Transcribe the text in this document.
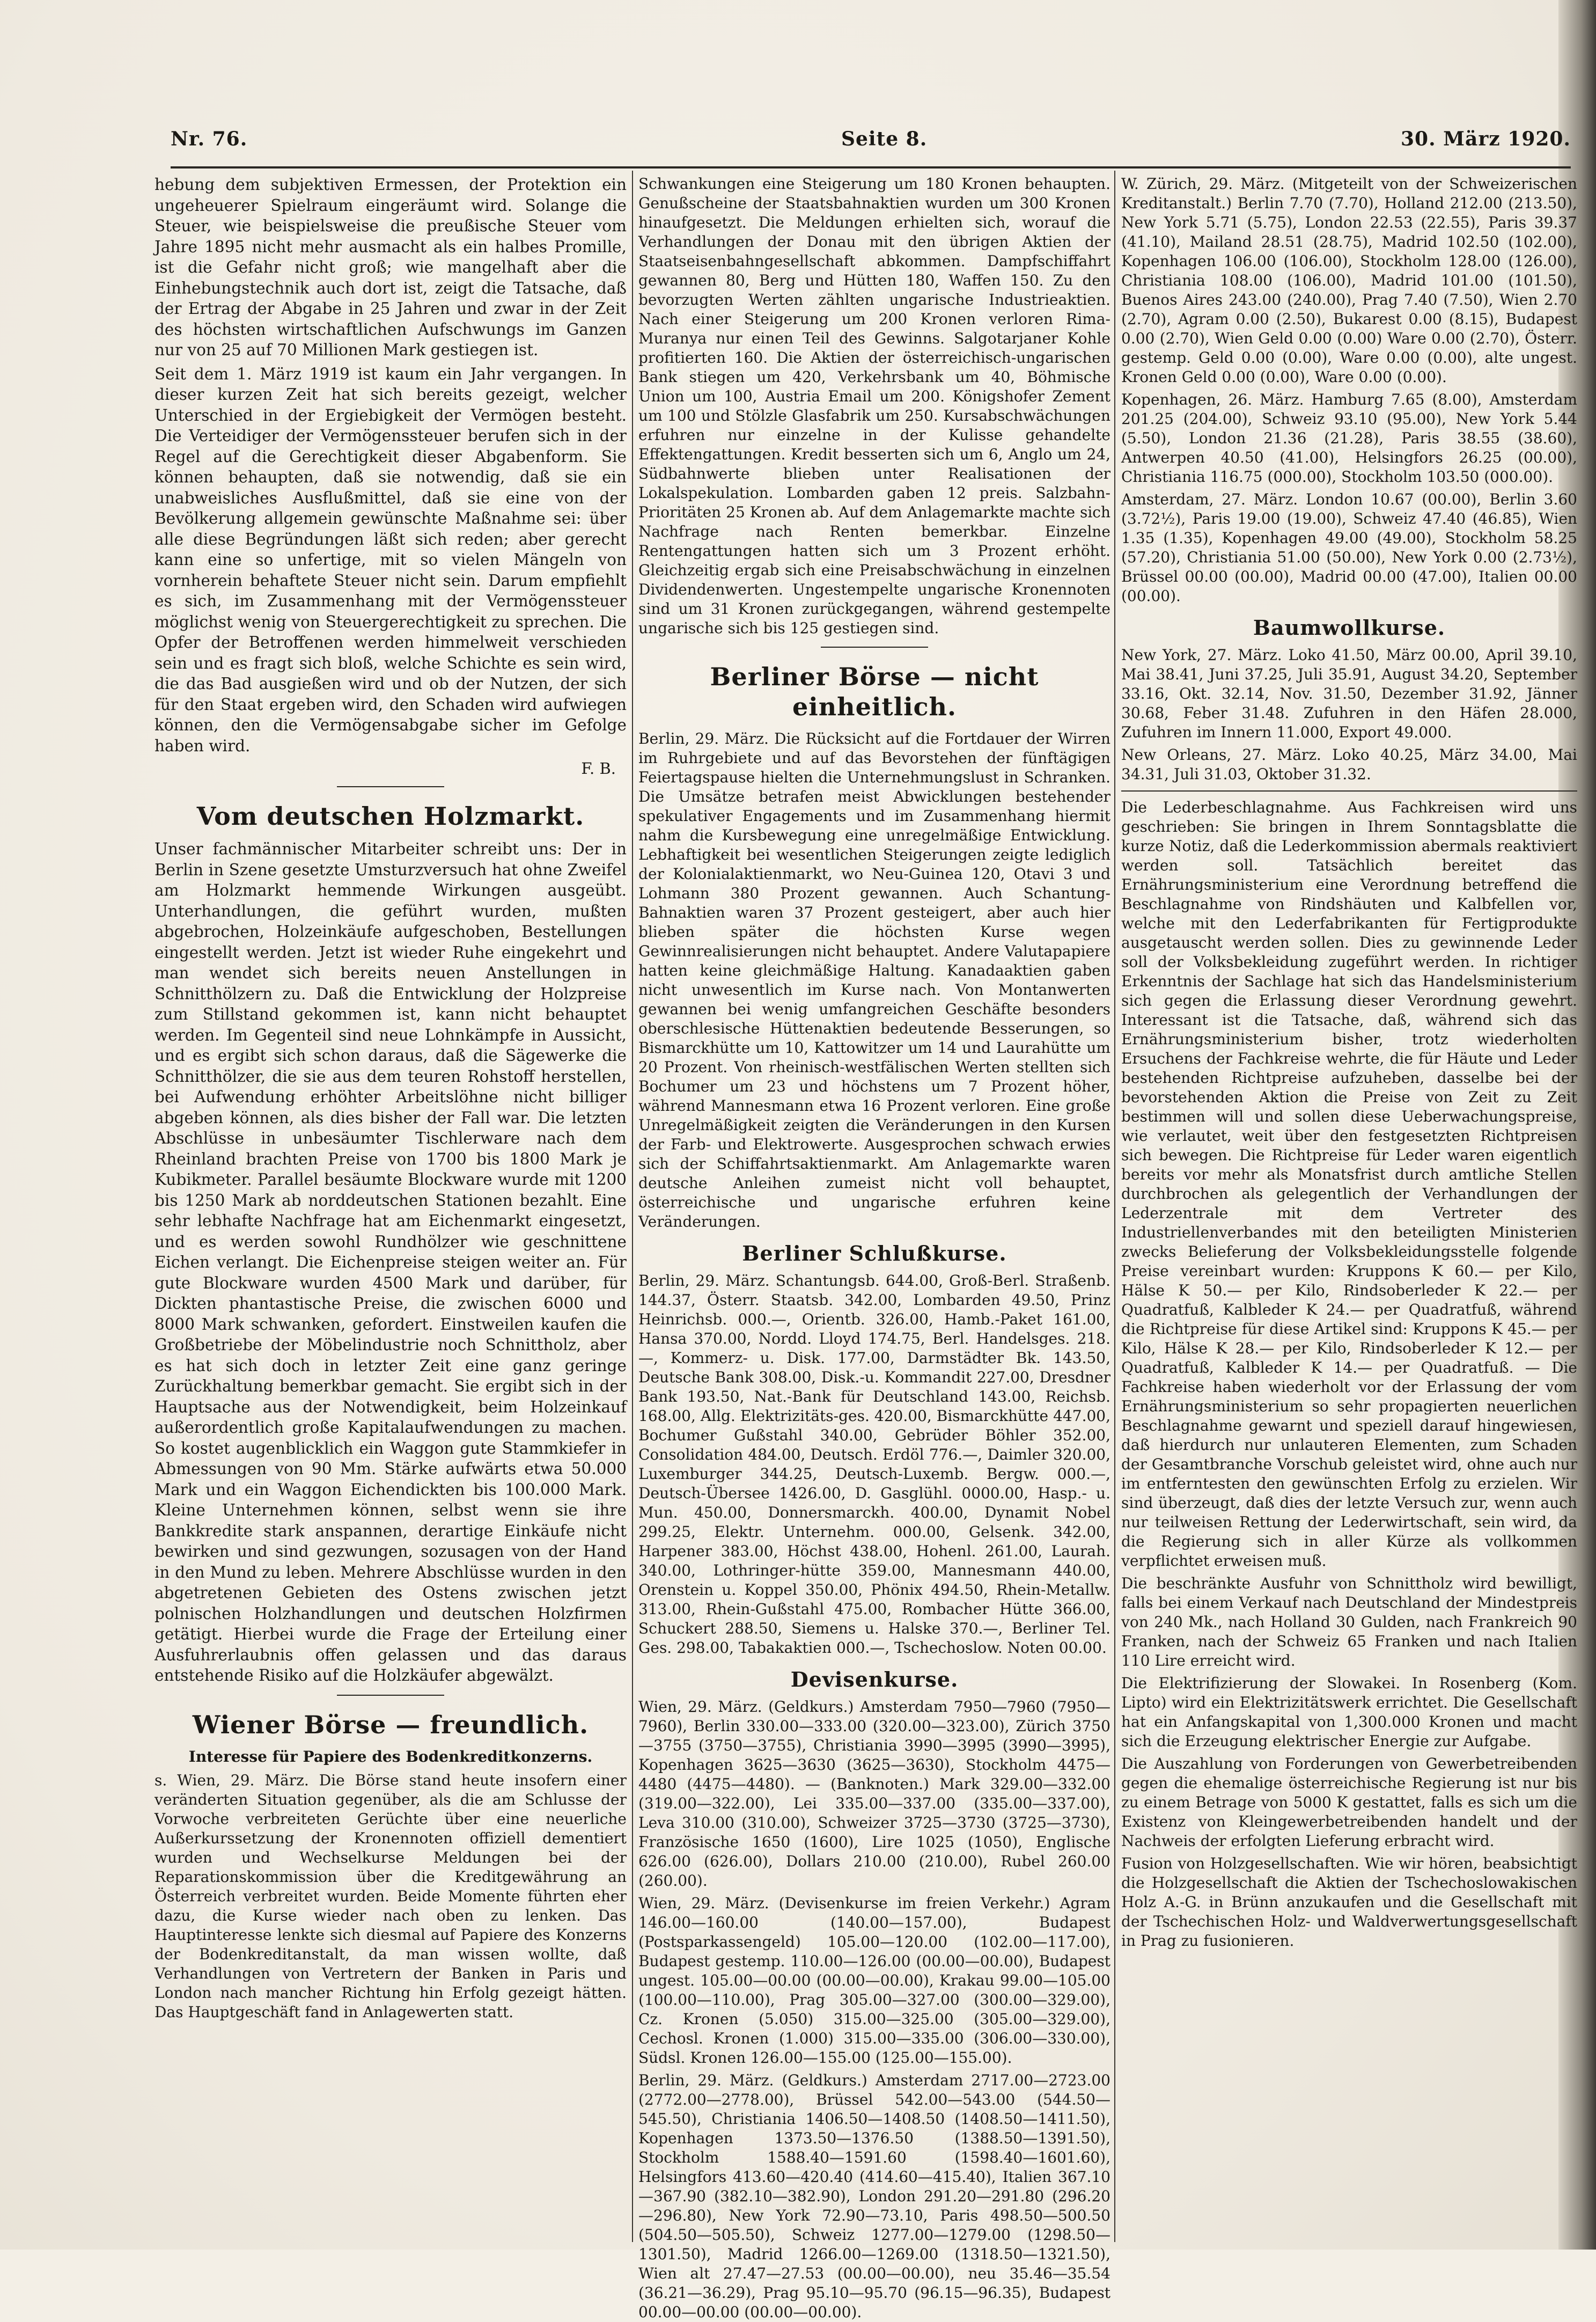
Nr. 76.	Seite 8.	30. März 1920.

hebung dem subjektiven Ermessen, der Protektion ein ungeheuerer Spielraum eingeräumt wird. Solange die Steuer, wie beispielsweise die preußische Steuer vom Jahre 1895 nicht mehr ausmacht als ein halbes Promille, ist die Gefahr nicht groß; wie mangelhaft aber die Einhebungstechnik auch dort ist, zeigt die Tatsache, daß der Ertrag der Abgabe in 25 Jahren und zwar in der Zeit des höchsten wirtschaftlichen Aufschwungs im Ganzen nur von 25 auf 70 Millionen Mark gestiegen ist.

Seit dem 1. März 1919 ist kaum ein Jahr vergangen. In dieser kurzen Zeit hat sich bereits gezeigt, welcher Unterschied in der Ergiebigkeit der Vermögen besteht. Die Verteidiger der Vermögenssteuer berufen sich in der Regel auf die Gerechtigkeit dieser Abgabenform. Sie können behaupten, daß sie notwendig, daß sie ein unabweisliches Ausflußmittel, daß sie eine von der Bevölkerung allgemein gewünschte Maßnahme sei: über alle diese Begründungen läßt sich reden; aber gerecht kann eine so unfertige, mit so vielen Mängeln von vornherein behaftete Steuer nicht sein. Darum empfiehlt es sich, im Zusammenhang mit der Vermögenssteuer möglichst wenig von Steuergerechtigkeit zu sprechen. Die Opfer der Betroffenen werden himmelweit verschieden sein und es fragt sich bloß, welche Schichte es sein wird, die das Bad ausgießen wird und ob der Nutzen, der sich für den Staat ergeben wird, den Schaden wird aufwiegen können, den die Vermögensabgabe sicher im Gefolge haben wird.

F. B.
Vom deutschen Holzmarkt.

Unser fachmännischer Mitarbeiter schreibt uns: Der in Berlin in Szene gesetzte Umsturzversuch hat ohne Zweifel am Holzmarkt hemmende Wirkungen ausgeübt. Unterhandlungen, die geführt wurden, mußten abgebrochen, Holzeinkäufe aufgeschoben, Bestellungen eingestellt werden. Jetzt ist wieder Ruhe eingekehrt und man wendet sich bereits neuen Anstellungen in Schnitthölzern zu. Daß die Entwicklung der Holzpreise zum Stillstand gekommen ist, kann nicht behauptet werden. Im Gegenteil sind neue Lohnkämpfe in Aussicht, und es ergibt sich schon daraus, daß die Sägewerke die Schnitthölzer, die sie aus dem teuren Rohstoff herstellen, bei Aufwendung erhöhter Arbeitslöhne nicht billiger abgeben können, als dies bisher der Fall war. Die letzten Abschlüsse in unbesäumter Tischlerware nach dem Rheinland brachten Preise von 1700 bis 1800 Mark je Kubikmeter. Parallel besäumte Blockware wurde mit 1200 bis 1250 Mark ab norddeutschen Stationen bezahlt. Eine sehr lebhafte Nachfrage hat am Eichenmarkt eingesetzt, und es werden sowohl Rundhölzer wie geschnittene Eichen verlangt. Die Eichenpreise steigen weiter an. Für gute Blockware wurden 4500 Mark und darüber, für Dickten phantastische Preise, die zwischen 6000 und 8000 Mark schwanken, gefordert. Einstweilen kaufen die Großbetriebe der Möbelindustrie noch Schnittholz, aber es hat sich doch in letzter Zeit eine ganz geringe Zurückhaltung bemerkbar gemacht. Sie ergibt sich in der Hauptsache aus der Notwendigkeit, beim Holzeinkauf außerordentlich große Kapitalaufwendungen zu machen. So kostet augenblicklich ein Waggon gute Stammkiefer in Abmessungen von 90 Mm. Stärke aufwärts etwa 50.000 Mark und ein Waggon Eichendickten bis 100.000 Mark. Kleine Unternehmen können, selbst wenn sie ihre Bankkredite stark anspannen, derartige Einkäufe nicht bewirken und sind gezwungen, sozusagen von der Hand in den Mund zu leben. Mehrere Abschlüsse wurden in den abgetretenen Gebieten des Ostens zwischen jetzt polnischen Holzhandlungen und deutschen Holzfirmen getätigt. Hierbei wurde die Frage der Erteilung einer Ausfuhrerlaubnis offen gelassen und das daraus entstehende Risiko auf die Holzkäufer abgewälzt.

Wiener Börse — freundlich.
Interesse für Papiere des Bodenkreditkonzerns.

s. Wien, 29. März. Die Börse stand heute insofern einer veränderten Situation gegenüber, als die am Schlusse der Vorwoche verbreiteten Gerüchte über eine neuerliche Außerkurssetzung der Kronennoten offiziell dementiert wurden und Wechselkurse Meldungen bei der Reparationskommission über die Kreditgewährung an Österreich verbreitet wurden. Beide Momente führten eher dazu, die Kurse wieder nach oben zu lenken. Das Hauptinteresse lenkte sich diesmal auf Papiere des Konzerns der Bodenkreditanstalt, da man wissen wollte, daß Verhandlungen von Vertretern der Banken in Paris und London nach mancher Richtung hin Erfolg gezeigt hätten. Das Hauptgeschäft fand in Anlagewerten statt.

Schwankungen eine Steigerung um 180 Kronen behaupten. Genußscheine der Staatsbahnaktien wurden um 300 Kronen hinaufgesetzt. Die Meldungen erhielten sich, worauf die Verhandlungen der Donau mit den übrigen Aktien der Staatseisenbahngesellschaft abkommen. Dampfschiffahrt gewannen 80, Berg und Hütten 180, Waffen 150. Zu den bevorzugten Werten zählten ungarische Industrieaktien. Nach einer Steigerung um 200 Kronen verloren Rima-Muranya nur einen Teil des Gewinns. Salgotarjaner Kohle profitierten 160. Die Aktien der österreichisch-ungarischen Bank stiegen um 420, Verkehrsbank um 40, Böhmische Union um 100, Austria Email um 200. Königshofer Zement um 100 und Stölzle Glasfabrik um 250. Kursabschwächungen erfuhren nur einzelne in der Kulisse gehandelte Effektengattungen. Kredit besserten sich um 6, Anglo um 24, Südbahnwerte blieben unter Realisationen der Lokalspekulation. Lombarden gaben 12 preis. Salzbahn-Prioritäten 25 Kronen ab. Auf dem Anlagemarkte machte sich Nachfrage nach Renten bemerkbar. Einzelne Rentengattungen hatten sich um 3 Prozent erhöht. Gleichzeitig ergab sich eine Preisabschwächung in einzelnen Dividendenwerten. Ungestempelte ungarische Kronennoten sind um 31 Kronen zurückgegangen, während gestempelte ungarische sich bis 125 gestiegen sind.

Berliner Börse — nicht einheitlich.

Berlin, 29. März. Die Rücksicht auf die Fortdauer der Wirren im Ruhrgebiete und auf das Bevorstehen der fünftägigen Feiertagspause hielten die Unternehmungslust in Schranken. Die Umsätze betrafen meist Abwicklungen bestehender spekulativer Engagements und im Zusammenhang hiermit nahm die Kursbewegung eine unregelmäßige Entwicklung. Lebhaftigkeit bei wesentlichen Steigerungen zeigte lediglich der Kolonialaktienmarkt, wo Neu-Guinea 120, Otavi 3 und Lohmann 380 Prozent gewannen. Auch Schantung-Bahnaktien waren 37 Prozent gesteigert, aber auch hier blieben später die höchsten Kurse wegen Gewinnrealisierungen nicht behauptet. Andere Valutapapiere hatten keine gleichmäßige Haltung. Kanadaaktien gaben nicht unwesentlich im Kurse nach. Von Montanwerten gewannen bei wenig umfangreichen Geschäfte besonders oberschlesische Hüttenaktien bedeutende Besserungen, so Bismarckhütte um 10, Kattowitzer um 14 und Laurahütte um 20 Prozent. Von rheinisch-westfälischen Werten stellten sich Bochumer um 23 und höchstens um 7 Prozent höher, während Mannesmann etwa 16 Prozent verloren. Eine große Unregelmäßigkeit zeigten die Veränderungen in den Kursen der Farb- und Elektrowerte. Ausgesprochen schwach erwies sich der Schiffahrtsaktienmarkt. Am Anlagemarkte waren deutsche Anleihen zumeist nicht voll behauptet, österreichische und ungarische erfuhren keine Veränderungen.

Berliner Schlußkurse.

Berlin, 29. März. Schantungsb. 644.00, Groß-Berl. Straßenb. 144.37, Österr. Staatsb. 342.00, Lombarden 49.50, Prinz Heinrichsb. 000.—, Orientb. 326.00, Hamb.-Paket 161.00, Hansa 370.00, Nordd. Lloyd 174.75, Berl. Handelsges. 218.—, Kommerz- u. Disk. 177.00, Darmstädter Bk. 143.50, Deutsche Bank 308.00, Disk.-u. Kommandit 227.00, Dresdner Bank 193.50, Nat.-Bank für Deutschland 143.00, Reichsb. 168.00, Allg. Elektrizitäts-ges. 420.00, Bismarckhütte 447.00, Bochumer Gußstahl 340.00, Gebrüder Böhler 352.00, Consolidation 484.00, Deutsch. Erdöl 776.—, Daimler 320.00, Luxemburger 344.25, Deutsch-Luxemb. Bergw. 000.—, Deutsch-Übersee 1426.00, D. Gasglühl. 0000.00, Hasp.- u. Mun. 450.00, Donnersmarckh. 400.00, Dynamit Nobel 299.25, Elektr. Unternehm. 000.00, Gelsenk. 342.00, Harpener 383.00, Höchst 438.00, Hohenl. 261.00, Laurah. 340.00, Lothringer-hütte 359.00, Mannesmann 440.00, Orenstein u. Koppel 350.00, Phönix 494.50, Rhein-Metallw. 313.00, Rhein-Gußstahl 475.00, Rombacher Hütte 366.00, Schuckert 288.50, Siemens u. Halske 370.—, Berliner Tel. Ges. 298.00, Tabakaktien 000.—, Tschechoslow. Noten 00.00.

Devisenkurse.

Wien, 29. März. (Geldkurs.) Amsterdam 7950—7960 (7950—7960), Berlin 330.00—333.00 (320.00—323.00), Zürich 3750—3755 (3750—3755), Christiania 3990—3995 (3990—3995), Kopenhagen 3625—3630 (3625—3630), Stockholm 4475—4480 (4475—4480). — (Banknoten.) Mark 329.00—332.00 (319.00—322.00), Lei 335.00—337.00 (335.00—337.00), Leva 310.00 (310.00), Schweizer 3725—3730 (3725—3730), Französische 1650 (1600), Lire 1025 (1050), Englische 626.00 (626.00), Dollars 210.00 (210.00), Rubel 260.00 (260.00).

Wien, 29. März. (Devisenkurse im freien Verkehr.) Agram 146.00—160.00 (140.00—157.00), Budapest (Postsparkassengeld) 105.00—120.00 (102.00—117.00), Budapest gestemp. 110.00—126.00 (00.00—00.00), Budapest ungest. 105.00—00.00 (00.00—00.00), Krakau 99.00—105.00 (100.00—110.00), Prag 305.00—327.00 (300.00—329.00), Cz. Kronen (5.050) 315.00—325.00 (305.00—329.00), Cechosl. Kronen (1.000) 315.00—335.00 (306.00—330.00), Südsl. Kronen 126.00—155.00 (125.00—155.00).

Berlin, 29. März. (Geldkurs.) Amsterdam 2717.00—2723.00 (2772.00—2778.00), Brüssel 542.00—543.00 (544.50—545.50), Christiania 1406.50—1408.50 (1408.50—1411.50), Kopenhagen 1373.50—1376.50 (1388.50—1391.50), Stockholm 1588.40—1591.60 (1598.40—1601.60), Helsingfors 413.60—420.40 (414.60—415.40), Italien 367.10—367.90 (382.10—382.90), London 291.20—291.80 (296.20—296.80), New York 72.90—73.10, Paris 498.50—500.50 (504.50—505.50), Schweiz 1277.00—1279.00 (1298.50—1301.50), Madrid 1266.00—1269.00 (1318.50—1321.50), Wien alt 27.47—27.53 (00.00—00.00), neu 35.46—35.54 (36.21—36.29), Prag 95.10—95.70 (96.15—96.35), Budapest 00.00—00.00 (00.00—00.00).

W. Zürich, 29. März. (Mitgeteilt von der Schweizerischen Kreditanstalt.) Berlin 7.70 (7.70), Holland 212.00 (213.50), New York 5.71 (5.75), London 22.53 (22.55), Paris 39.37 (41.10), Mailand 28.51 (28.75), Madrid 102.50 (102.00), Kopenhagen 106.00 (106.00), Stockholm 128.00 (126.00), Christiania 108.00 (106.00), Madrid 101.00 (101.50), Buenos Aires 243.00 (240.00), Prag 7.40 (7.50), Wien 2.70 (2.70), Agram 0.00 (2.50), Bukarest 0.00 (8.15), Budapest 0.00 (2.70), Wien Geld 0.00 (0.00) Ware 0.00 (2.70), Österr. gestemp. Geld 0.00 (0.00), Ware 0.00 (0.00), alte ungest. Kronen Geld 0.00 (0.00), Ware 0.00 (0.00).

Kopenhagen, 26. März. Hamburg 7.65 (8.00), Amsterdam 201.25 (204.00), Schweiz 93.10 (95.00), New York 5.44 (5.50), London 21.36 (21.28), Paris 38.55 (38.60), Antwerpen 40.50 (41.00), Helsingfors 26.25 (00.00), Christiania 116.75 (000.00), Stockholm 103.50 (000.00).

Amsterdam, 27. März. London 10.67 (00.00), Berlin 3.60 (3.72½), Paris 19.00 (19.00), Schweiz 47.40 (46.85), Wien 1.35 (1.35), Kopenhagen 49.00 (49.00), Stockholm 58.25 (57.20), Christiania 51.00 (50.00), New York 0.00 (2.73½), Brüssel 00.00 (00.00), Madrid 00.00 (47.00), Italien 00.00 (00.00).

Baumwollkurse.

New York, 27. März. Loko 41.50, März 00.00, April 39.10, Mai 38.41, Juni 37.25, Juli 35.91, August 34.20, September 33.16, Okt. 32.14, Nov. 31.50, Dezember 31.92, Jänner 30.68, Feber 31.48. Zufuhren in den Häfen 28.000, Zufuhren im Innern 11.000, Export 49.000.

New Orleans, 27. März. Loko 40.25, März 34.00, Mai 34.31, Juli 31.03, Oktober 31.32.

Die Lederbeschlagnahme. Aus Fachkreisen wird uns geschrieben: Sie bringen in Ihrem Sonntagsblatte die kurze Notiz, daß die Lederkommission abermals reaktiviert werden soll. Tatsächlich bereitet das Ernährungsministerium eine Verordnung betreffend die Beschlagnahme von Rindshäuten und Kalbfellen vor, welche mit den Lederfabrikanten für Fertigprodukte ausgetauscht werden sollen. Dies zu gewinnende Leder soll der Volksbekleidung zugeführt werden. In richtiger Erkenntnis der Sachlage hat sich das Handelsministerium sich gegen die Erlassung dieser Verordnung gewehrt. Interessant ist die Tatsache, daß, während sich das Ernährungsministerium bisher, trotz wiederholten Ersuchens der Fachkreise wehrte, die für Häute und Leder bestehenden Richtpreise aufzuheben, dasselbe bei der bevorstehenden Aktion die Preise von Zeit zu Zeit bestimmen will und sollen diese Ueberwachungspreise, wie verlautet, weit über den festgesetzten Richtpreisen sich bewegen. Die Richtpreise für Leder waren eigentlich bereits vor mehr als Monatsfrist durch amtliche Stellen durchbrochen als gelegentlich der Verhandlungen der Lederzentrale mit dem Vertreter des Industriellenverbandes mit den beteiligten Ministerien zwecks Belieferung der Volksbekleidungsstelle folgende Preise vereinbart wurden: Kruppons K 60.— per Kilo, Hälse K 50.— per Kilo, Rindsoberleder K 22.— per Quadratfuß, Kalbleder K 24.— per Quadratfuß, während die Richtpreise für diese Artikel sind: Kruppons K 45.— per Kilo, Hälse K 28.— per Kilo, Rindsoberleder K 12.— per Quadratfuß, Kalbleder K 14.— per Quadratfuß. — Die Fachkreise haben wiederholt vor der Erlassung der vom Ernährungsministerium so sehr propagierten neuerlichen Beschlagnahme gewarnt und speziell darauf hingewiesen, daß hierdurch nur unlauteren Elementen, zum Schaden der Gesamtbranche Vorschub geleistet wird, ohne auch nur im entferntesten den gewünschten Erfolg zu erzielen. Wir sind überzeugt, daß dies der letzte Versuch zur, wenn auch nur teilweisen Rettung der Lederwirtschaft, sein wird, da die Regierung sich in aller Kürze als vollkommen verpflichtet erweisen muß.

Die beschränkte Ausfuhr von Schnittholz wird bewilligt, falls bei einem Verkauf nach Deutschland der Mindestpreis von 240 Mk., nach Holland 30 Gulden, nach Frankreich 90 Franken, nach der Schweiz 65 Franken und nach Italien 110 Lire erreicht wird.

Die Elektrifizierung der Slowakei. In Rosenberg (Kom. Lipto) wird ein Elektrizitätswerk errichtet. Die Gesellschaft hat ein Anfangskapital von 1,300.000 Kronen und macht sich die Erzeugung elektrischer Energie zur Aufgabe.

Die Auszahlung von Forderungen von Gewerbetreibenden gegen die ehemalige österreichische Regierung ist nur bis zu einem Betrage von 5000 K gestattet, falls es sich um die Existenz von Kleingewerbetreibenden handelt und der Nachweis der erfolgten Lieferung erbracht wird.

Fusion von Holzgesellschaften. Wie wir hören, beabsichtigt die Holzgesellschaft die Aktien der Tschechoslowakischen Holz A.-G. in Brünn anzukaufen und die Gesellschaft mit der Tschechischen Holz- und Waldverwertungsgesellschaft in Prag zu fusionieren.
